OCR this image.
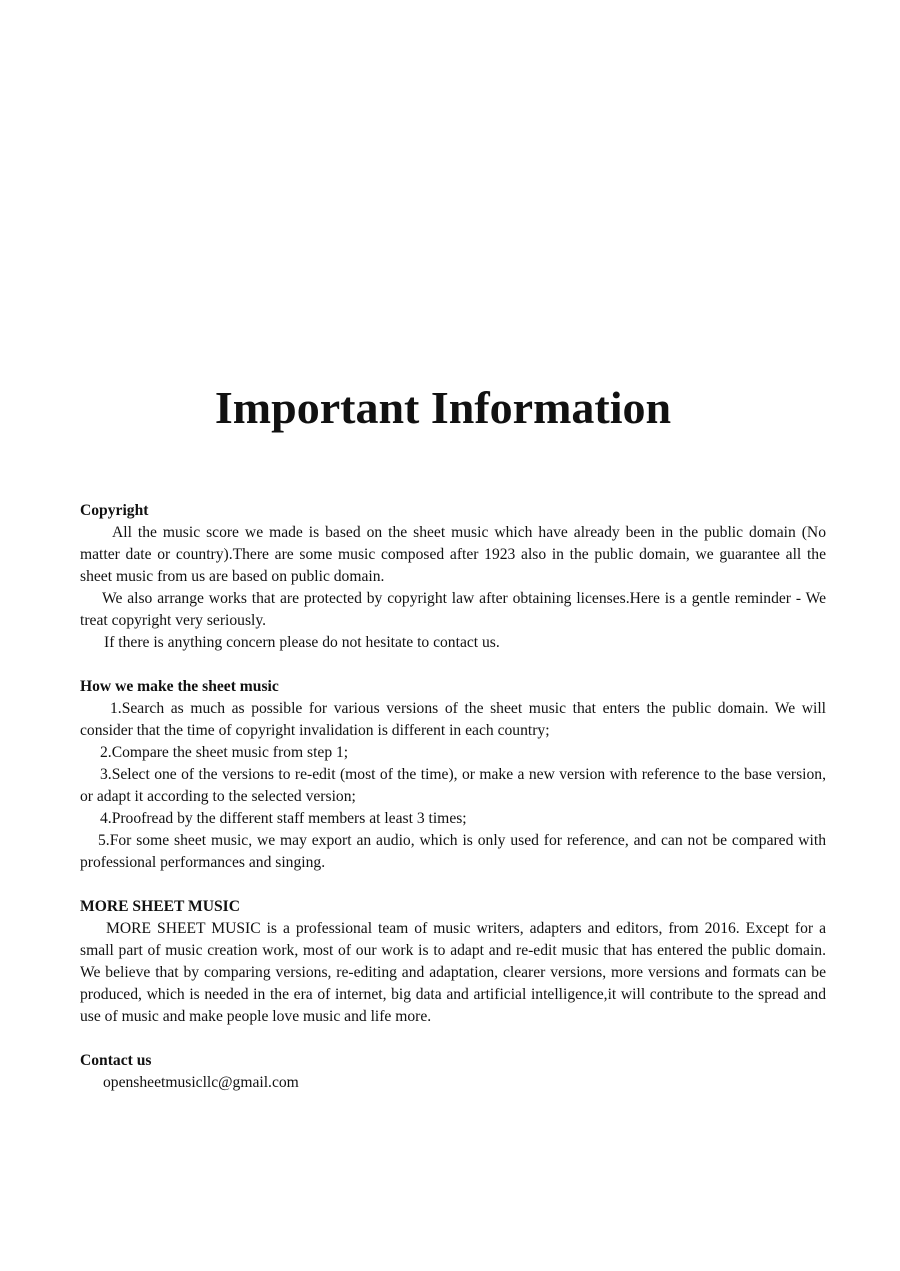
Important Information

Copyright

All the music score we made is based on the sheet music which have already been in the public domain (No matter date or country).There are some music composed after 1923 also in the public domain, we guarantee all the sheet music from us are based on public domain.

We also arrange works that are protected by copyright law after obtaining licenses.Here is a gentle reminder - We treat copyright very seriously.

If there is anything concern please do not hesitate to contact us.

How we make the sheet music

1.Search as much as possible for various versions of the sheet music that enters the public domain. We will consider that the time of copyright invalidation is different in each country;

2.Compare the sheet music from step 1;

3.Select one of the versions to re-edit (most of the time), or make a new version with reference to the base version, or adapt it according to the selected version;

4.Proofread by the different staff members at least 3 times;

5.For some sheet music, we may export an audio, which is only used for reference, and can not be compared with professional performances and singing.

MORE SHEET MUSIC

MORE SHEET MUSIC is a professional team of music writers, adapters and editors, from 2016. Except for a small part of music creation work, most of our work is to adapt and re-edit music that has entered the public domain. We believe that by comparing versions, re-editing and adaptation, clearer versions, more versions and formats can be produced, which is needed in the era of internet, big data and artificial intelligence,it will contribute to the spread and use of music and make people love music and life more.

Contact us

opensheetmusicllc@gmail.com
